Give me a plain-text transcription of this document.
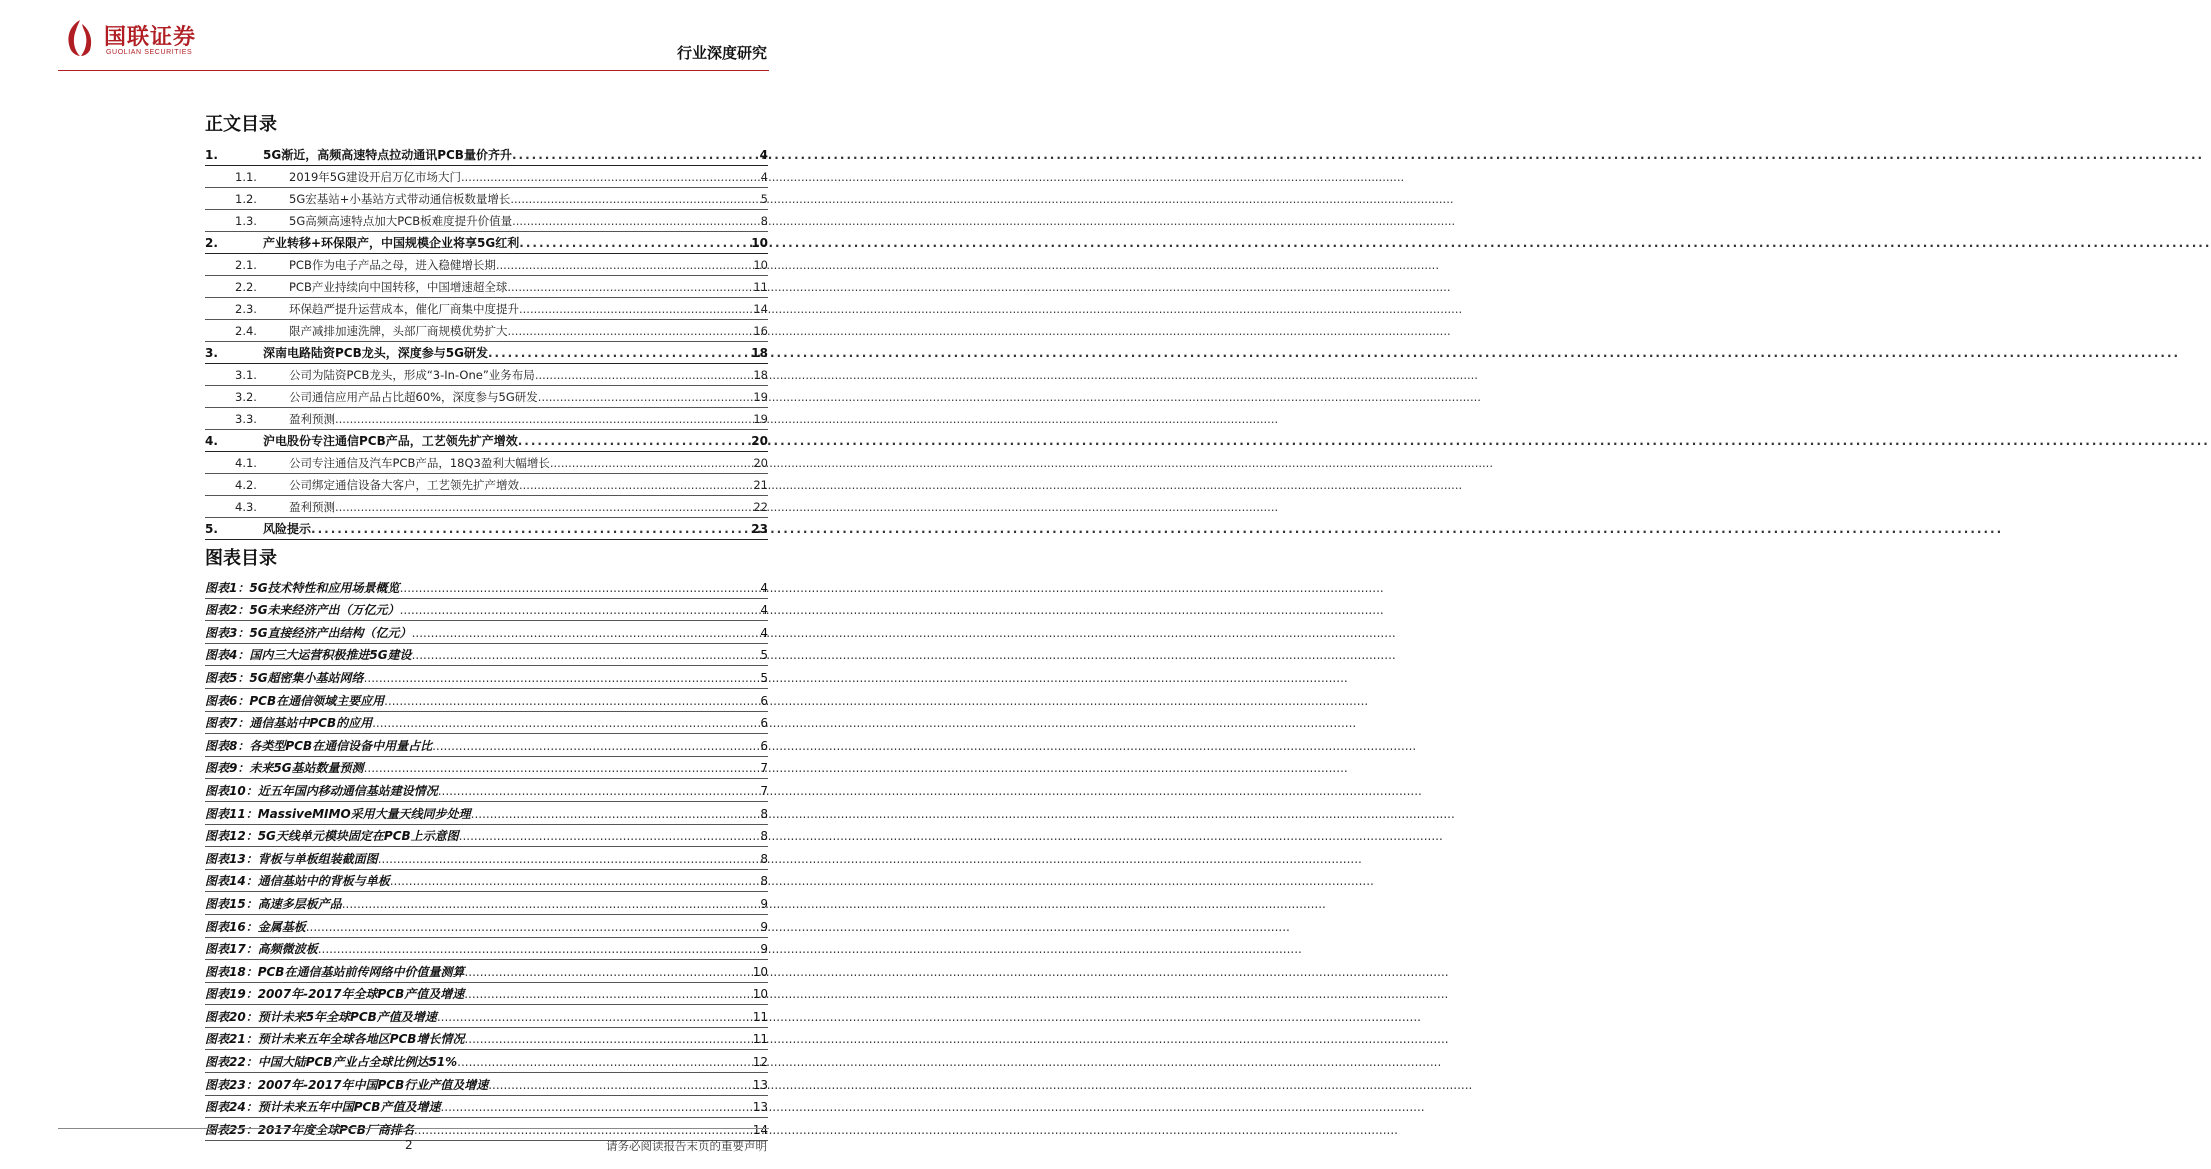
国联证券
GUOLIAN SECURITIES	行业深度研究
正文目录
1.	5G渐近，高频高速特点拉动通讯PCB量价齐升 .....	4
1.1.	2019年5G建设开启万亿市场大门 .....	4
1.2.	5G宏基站+小基站方式带动通信板数量增长 .....	5
1.3.	5G高频高速特点加大PCB板难度提升价值量 .....	8
2.	产业转移+环保限产，中国规模企业将享5G红利 .....	10
2.1.	PCB作为电子产品之母，进入稳健增长期 .....	10
2.2.	PCB产业持续向中国转移，中国增速超全球 .....	11
2.3.	环保趋严提升运营成本，催化厂商集中度提升 .....	14
2.4.	限产减排加速洗牌，头部厂商规模优势扩大 .....	16
3.	深南电路陆资PCB龙头，深度参与5G研发 .....	18
3.1.	公司为陆资PCB龙头，形成“3-In-One”业务布局 .....	18
3.2.	公司通信应用产品占比超60%，深度参与5G研发 .....	19
3.3.	盈利预测 .....	19
4.	沪电股份专注通信PCB产品，工艺领先扩产增效 .....	20
4.1.	公司专注通信及汽车PCB产品，18Q3盈利大幅增长 .....	20
4.2.	公司绑定通信设备大客户，工艺领先扩产增效 .....	21
4.3.	盈利预测 .....	22
5.	风险提示 .....	23
图表目录
图表1：5G技术特性和应用场景概览 .....	4
图表2：5G未来经济产出（万亿元） .....	4
图表3：5G直接经济产出结构（亿元） .....	4
图表4：国内三大运营积极推进5G建设 .....	5
图表5：5G超密集小基站网络 .....	5
图表6：PCB在通信领域主要应用 .....	6
图表7：通信基站中PCB的应用 .....	6
图表8：各类型PCB在通信设备中用量占比 .....	6
图表9：未来5G基站数量预测 .....	7
图表10：近五年国内移动通信基站建设情况 .....	7
图表11：MassiveMIMO采用大量天线同步处理 .....	8
图表12：5G天线单元模块固定在PCB上示意图 .....	8
图表13：背板与单板组装截面图 .....	8
图表14：通信基站中的背板与单板 .....	8
图表15：高速多层板产品 .....	9
图表16：金属基板 .....	9
图表17：高频微波板 .....	9
图表18：PCB在通信基站前传网络中价值量测算 .....	10
图表19：2007年-2017年全球PCB产值及增速 .....	10
图表20：预计未来5年全球PCB产值及增速 .....	11
图表21：预计未来五年全球各地区PCB增长情况 .....	11
图表22：中国大陆PCB产业占全球比例达51% .....	12
图表23：2007年-2017年中国PCB行业产值及增速 .....	13
图表24：预计未来五年中国PCB产值及增速 .....	13
图表25：2017年度全球PCB厂商排名 .....	14
2	请务必阅读报告末页的重要声明
